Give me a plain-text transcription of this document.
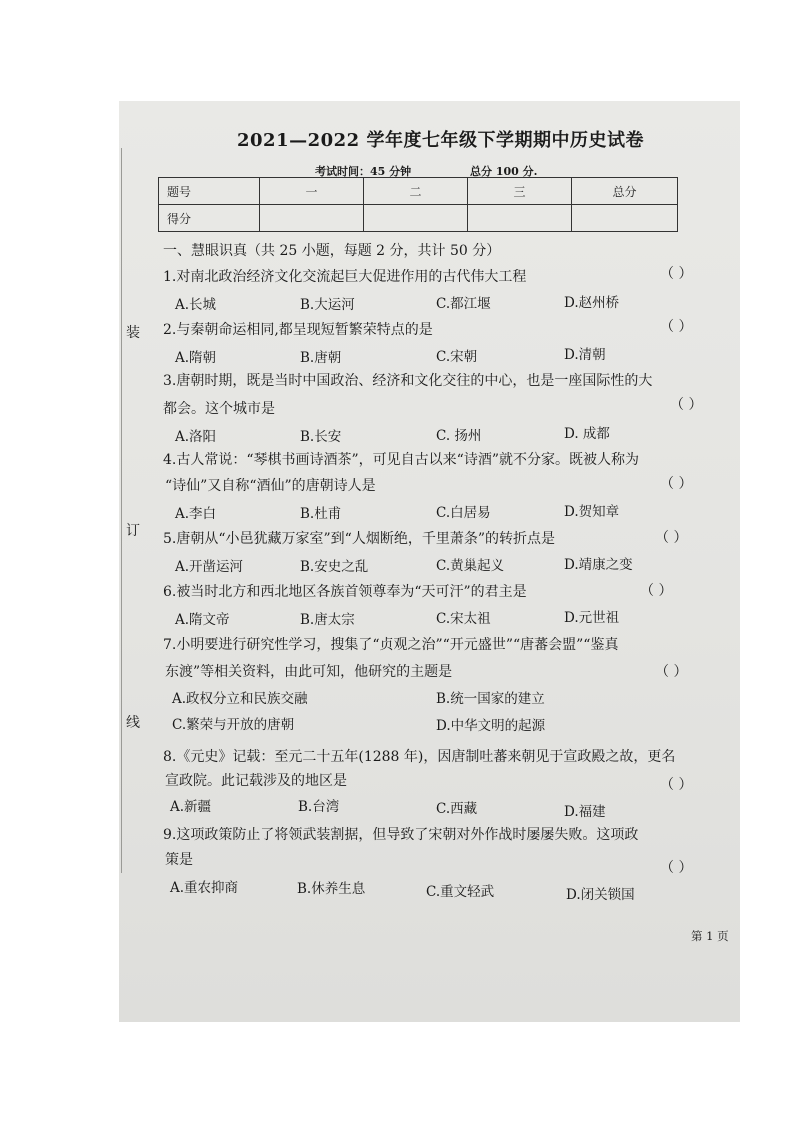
装
订
线
2021—2022 学年度七年级下学期期中历史试卷
考试时间：45 分钟	总分 100 分.
题号	一	二	三	总分
得分				
一、慧眼识真（共 25 小题，每题 2 分，共计 50 分）
1.对南北政治经济文化交流起巨大促进作用的古代伟大工程	（ ）
A.长城	B.大运河	C.都江堰	D.赵州桥
2.与秦朝命运相同,都呈现短暂繁荣特点的是	（ ）
A.隋朝	B.唐朝	C.宋朝	D.清朝
3.唐朝时期，既是当时中国政治、经济和文化交往的中心，也是一座国际性的大
都会。这个城市是	（ ）
A.洛阳	B.长安	C. 扬州	D. 成都
4.古人常说：“琴棋书画诗酒茶”，可见自古以来“诗酒”就不分家。既被人称为
“诗仙”又自称“酒仙”的唐朝诗人是	（ ）
A.李白	B.杜甫	C.白居易	D.贺知章
5.唐朝从“小邑犹藏万家室”到“人烟断绝，千里萧条”的转折点是	（ ）
A.开凿运河	B.安史之乱	C.黄巢起义	D.靖康之变
6.被当时北方和西北地区各族首领尊奉为“天可汗”的君主是	（ ）
A.隋文帝	B.唐太宗	C.宋太祖	D.元世祖
7.小明要进行研究性学习，搜集了“贞观之治”“开元盛世”“唐蕃会盟”“鉴真
东渡”等相关资料，由此可知，他研究的主题是	（ ）
A.政权分立和民族交融	B.统一国家的建立
C.繁荣与开放的唐朝	D.中华文明的起源
8.《元史》记载：至元二十五年(1288 年)，因唐制吐蕃来朝见于宣政殿之故，更名
宣政院。此记载涉及的地区是	（ ）
A.新疆	B.台湾	C.西藏	D.福建
9.这项政策防止了将领武装割据，但导致了宋朝对外作战时屡屡失败。这项政
策是	（ ）
A.重农抑商	B.休养生息	C.重文轻武	D.闭关锁国
第 1 页
